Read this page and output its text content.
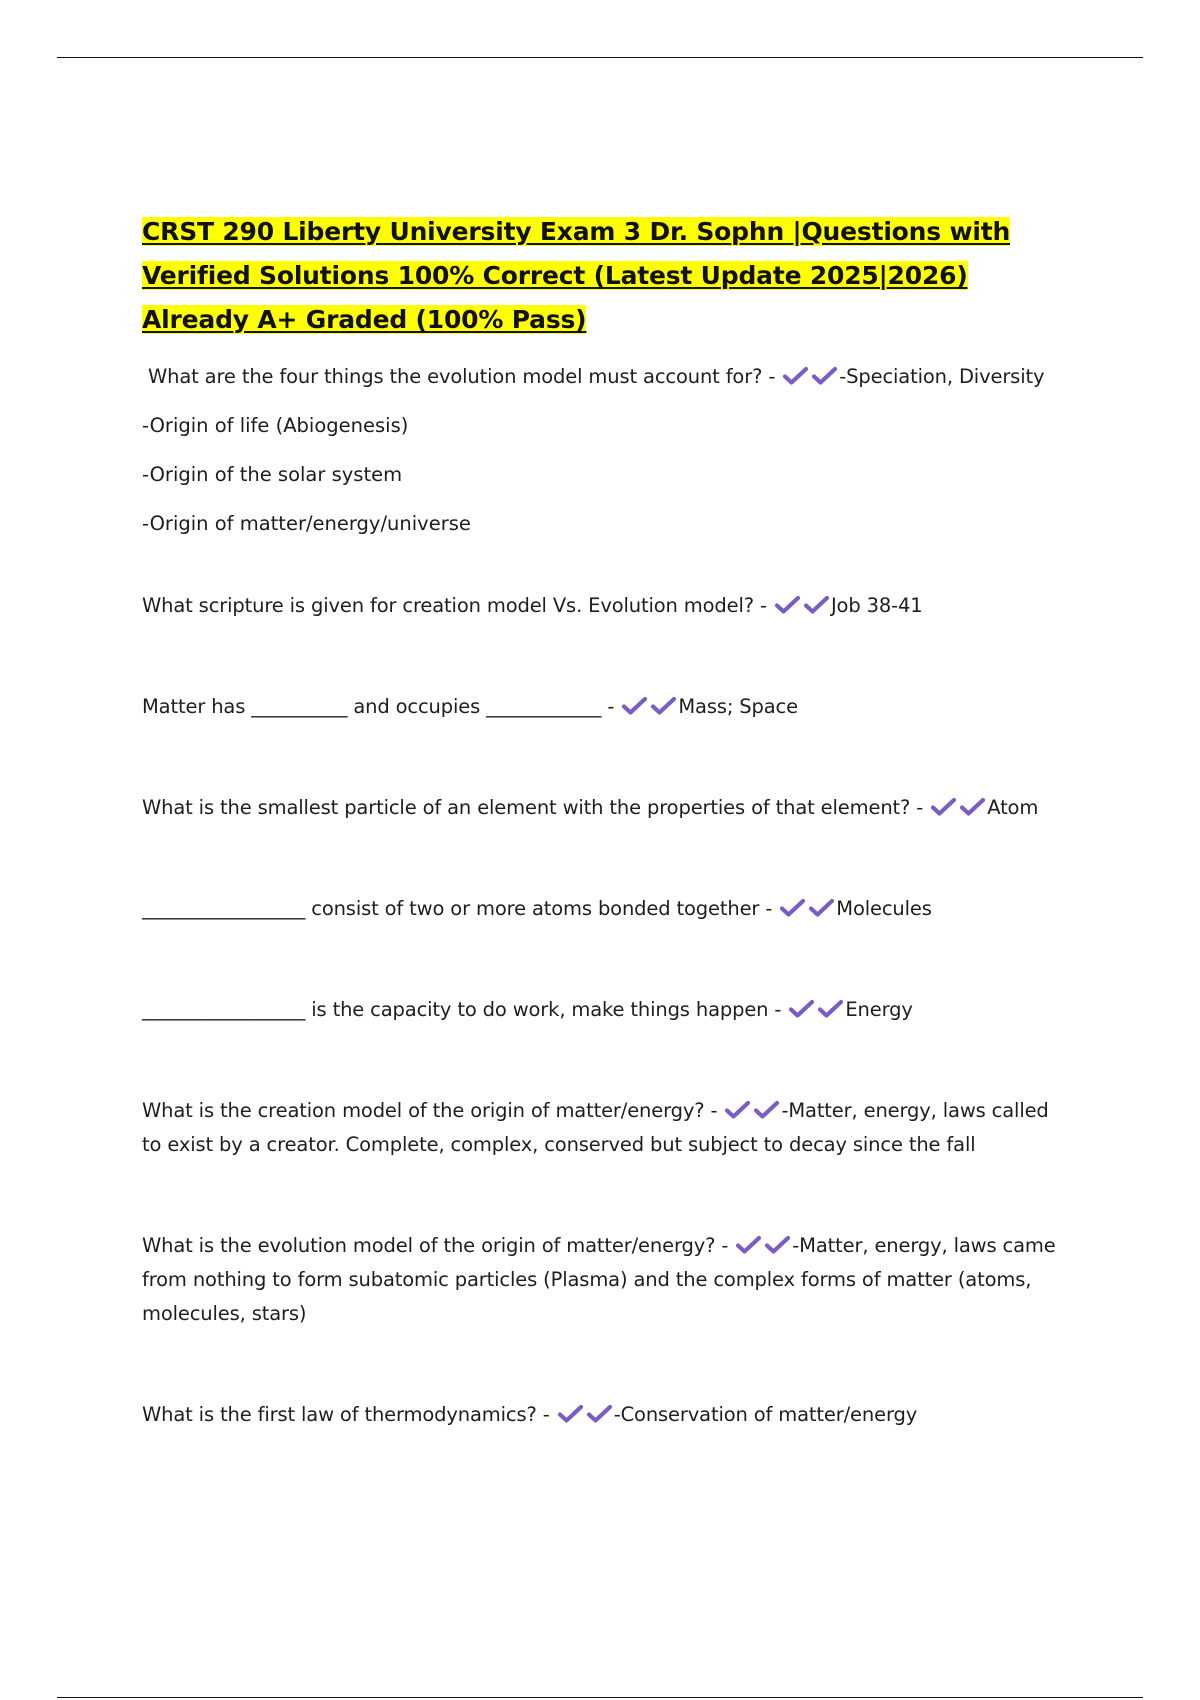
CRST 290 Liberty University Exam 3 Dr. Sophn |Questions with Verified Solutions 100% Correct (Latest Update 2025|2026) Already A+ Graded (100% Pass)
What are the four things the evolution model must account for? -	-Speciation, Diversity
-Origin of life (Abiogenesis)
-Origin of the solar system
-Origin of matter/energy/universe
What scripture is given for creation model Vs. Evolution model? -	Job 38-41
Matter has __________ and occupies ____________ -	Mass; Space
What is the smallest particle of an element with the properties of that element? -	Atom
_________________ consist of two or more atoms bonded together -	Molecules
_________________ is the capacity to do work, make things happen -	Energy
What is the creation model of the origin of matter/energy? -	-Matter, energy, laws called to exist by a creator. Complete, complex, conserved but subject to decay since the fall
What is the evolution model of the origin of matter/energy? -	-Matter, energy, laws came from nothing to form subatomic particles (Plasma) and the complex forms of matter (atoms, molecules, stars)
What is the first law of thermodynamics? -	-Conservation of matter/energy
